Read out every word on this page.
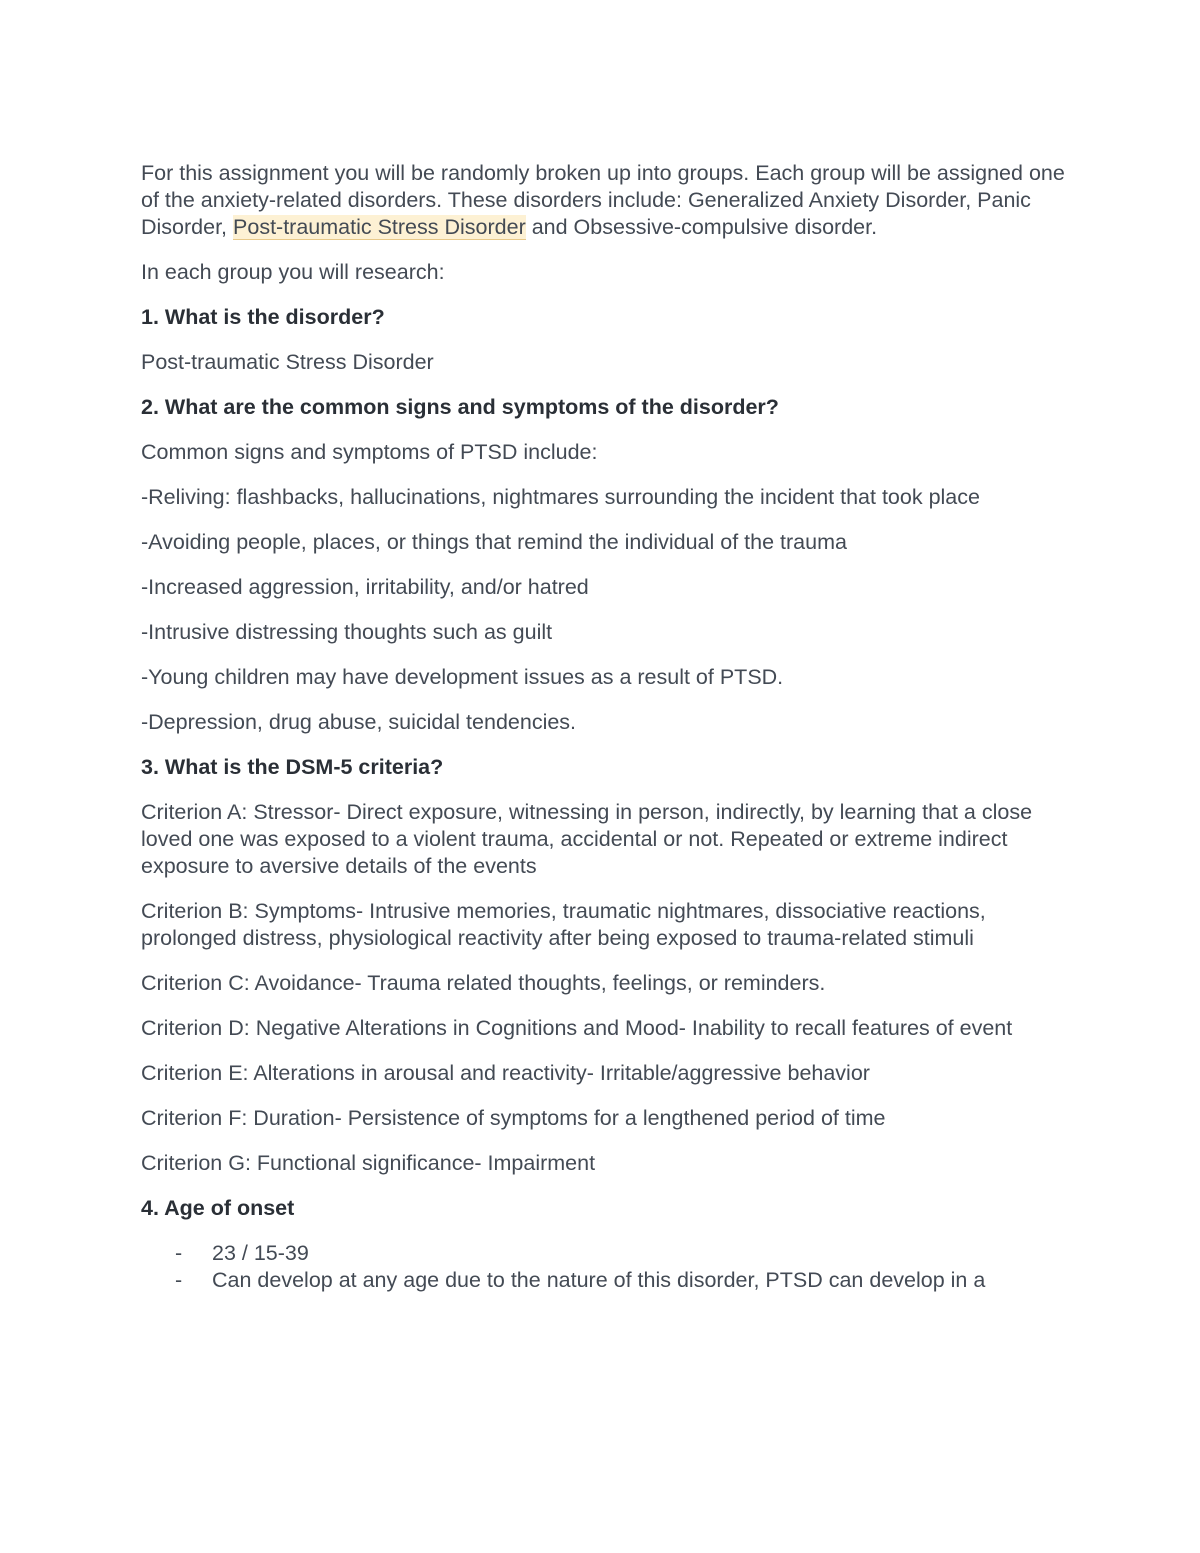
For this assignment you will be randomly broken up into groups. Each group will be assigned one of the anxiety-related disorders. These disorders include: Generalized Anxiety Disorder, Panic Disorder, Post-traumatic Stress Disorder and Obsessive-compulsive disorder.

In each group you will research:

1. What is the disorder?

Post-traumatic Stress Disorder

2. What are the common signs and symptoms of the disorder?

Common signs and symptoms of PTSD include:

-Reliving: flashbacks, hallucinations, nightmares surrounding the incident that took place

-Avoiding people, places, or things that remind the individual of the trauma

-Increased aggression, irritability, and/or hatred

-Intrusive distressing thoughts such as guilt

-Young children may have development issues as a result of PTSD.

-Depression, drug abuse, suicidal tendencies.

3. What is the DSM-5 criteria?

Criterion A: Stressor- Direct exposure, witnessing in person, indirectly, by learning that a close loved one was exposed to a violent trauma, accidental or not. Repeated or extreme indirect exposure to aversive details of the events

Criterion B: Symptoms- Intrusive memories, traumatic nightmares, dissociative reactions, prolonged distress, physiological reactivity after being exposed to trauma-related stimuli

Criterion C: Avoidance- Trauma related thoughts, feelings, or reminders.

Criterion D: Negative Alterations in Cognitions and Mood- Inability to recall features of event

Criterion E: Alterations in arousal and reactivity- Irritable/aggressive behavior

Criterion F: Duration- Persistence of symptoms for a lengthened period of time

Criterion G: Functional significance- Impairment

4. Age of onset
- 23 / 15-39
- Can develop at any age due to the nature of this disorder, PTSD can develop in a
